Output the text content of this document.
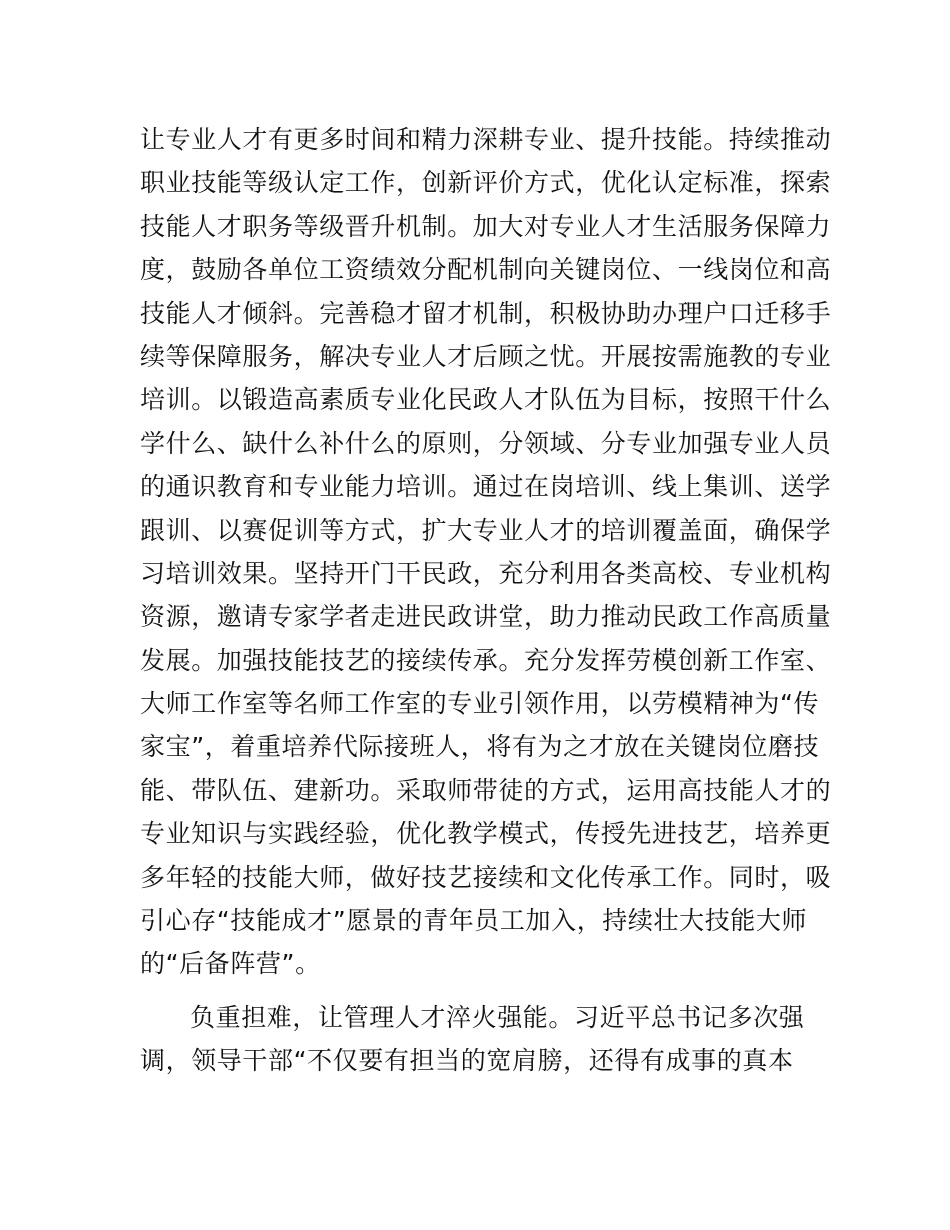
让专业人才有更多时间和精力深耕专业、提升技能。持续推动
职业技能等级认定工作，创新评价方式，优化认定标准，探索
技能人才职务等级晋升机制。加大对专业人才生活服务保障力
度，鼓励各单位工资绩效分配机制向关键岗位、一线岗位和高
技能人才倾斜。完善稳才留才机制，积极协助办理户口迁移手
续等保障服务，解决专业人才后顾之忧。开展按需施教的专业
培训。以锻造高素质专业化民政人才队伍为目标，按照干什么
学什么、缺什么补什么的原则，分领域、分专业加强专业人员
的通识教育和专业能力培训。通过在岗培训、线上集训、送学
跟训、以赛促训等方式，扩大专业人才的培训覆盖面，确保学
习培训效果。坚持开门干民政，充分利用各类高校、专业机构
资源，邀请专家学者走进民政讲堂，助力推动民政工作高质量
发展。加强技能技艺的接续传承。充分发挥劳模创新工作室、
大师工作室等名师工作室的专业引领作用，以劳模精神为“传
家宝”，着重培养代际接班人，将有为之才放在关键岗位磨技
能、带队伍、建新功。采取师带徒的方式，运用高技能人才的
专业知识与实践经验，优化教学模式，传授先进技艺，培养更
多年轻的技能大师，做好技艺接续和文化传承工作。同时，吸
引心存“技能成才”愿景的青年员工加入，持续壮大技能大师
的“后备阵营”。
负重担难，让管理人才淬火强能。习近平总书记多次强
调，领导干部“不仅要有担当的宽肩膀，还得有成事的真本
